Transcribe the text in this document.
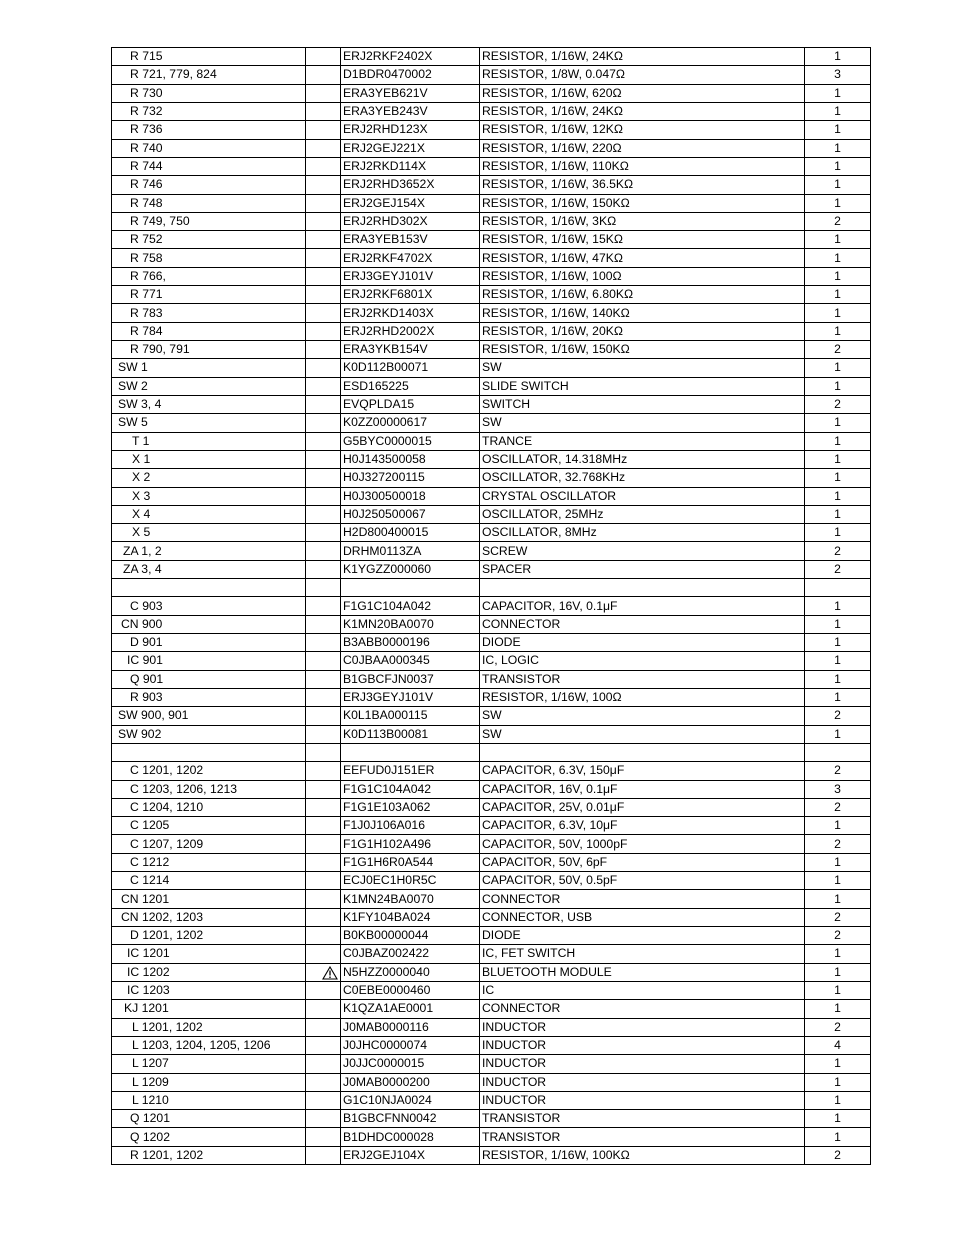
R 715		ERJ2RKF2402X	RESISTOR, 1/16W, 24KΩ	1
R 721, 779, 824		D1BDR0470002	RESISTOR, 1/8W, 0.047Ω	3
R 730		ERA3YEB621V	RESISTOR, 1/16W, 620Ω	1
R 732		ERA3YEB243V	RESISTOR, 1/16W, 24KΩ	1
R 736		ERJ2RHD123X	RESISTOR, 1/16W, 12KΩ	1
R 740		ERJ2GEJ221X	RESISTOR, 1/16W, 220Ω	1
R 744		ERJ2RKD114X	RESISTOR, 1/16W, 110KΩ	1
R 746		ERJ2RHD3652X	RESISTOR, 1/16W, 36.5KΩ	1
R 748		ERJ2GEJ154X	RESISTOR, 1/16W, 150KΩ	1
R 749, 750		ERJ2RHD302X	RESISTOR, 1/16W, 3KΩ	2
R 752		ERA3YEB153V	RESISTOR, 1/16W, 15KΩ	1
R 758		ERJ2RKF4702X	RESISTOR, 1/16W, 47KΩ	1
R 766,		ERJ3GEYJ101V	RESISTOR, 1/16W, 100Ω	1
R 771		ERJ2RKF6801X	RESISTOR, 1/16W, 6.80KΩ	1
R 783		ERJ2RKD1403X	RESISTOR, 1/16W, 140KΩ	1
R 784		ERJ2RHD2002X	RESISTOR, 1/16W, 20KΩ	1
R 790, 791		ERA3YKB154V	RESISTOR, 1/16W, 150KΩ	2
SW 1		K0D112B00071	SW	1
SW 2		ESD165225	SLIDE SWITCH	1
SW 3, 4		EVQPLDA15	SWITCH	2
SW 5		K0ZZ00000617	SW	1
T 1		G5BYC0000015	TRANCE	1
X 1		H0J143500058	OSCILLATOR, 14.318MHz	1
X 2		H0J327200115	OSCILLATOR, 32.768KHz	1
X 3		H0J300500018	CRYSTAL OSCILLATOR	1
X 4		H0J250500067	OSCILLATOR, 25MHz	1
X 5		H2D800400015	OSCILLATOR, 8MHz	1
ZA 1, 2		DRHM0113ZA	SCREW	2
ZA 3, 4		K1YGZZ000060	SPACER	2

C 903		F1G1C104A042	CAPACITOR, 16V, 0.1μF	1
CN 900		K1MN20BA0070	CONNECTOR	1
D 901		B3ABB0000196	DIODE	1
IC 901		C0JBAA000345	IC, LOGIC	1
Q 901		B1GBCFJN0037	TRANSISTOR	1
R 903		ERJ3GEYJ101V	RESISTOR, 1/16W, 100Ω	1
SW 900, 901		K0L1BA000115	SW	2
SW 902		K0D113B00081	SW	1

C 1201, 1202		EEFUD0J151ER	CAPACITOR, 6.3V, 150μF	2
C 1203, 1206, 1213		F1G1C104A042	CAPACITOR, 16V, 0.1μF	3
C 1204, 1210		F1G1E103A062	CAPACITOR, 25V, 0.01μF	2
C 1205		F1J0J106A016	CAPACITOR, 6.3V, 10μF	1
C 1207, 1209		F1G1H102A496	CAPACITOR, 50V, 1000pF	2
C 1212		F1G1H6R0A544	CAPACITOR, 50V, 6pF	1
C 1214		ECJ0EC1H0R5C	CAPACITOR, 50V, 0.5pF	1
CN 1201		K1MN24BA0070	CONNECTOR	1
CN 1202, 1203		K1FY104BA024	CONNECTOR, USB	2
D 1201, 1202		B0KB00000044	DIODE	2
IC 1201		C0JBAZ002422	IC, FET SWITCH	1
IC 1202		N5HZZ0000040	BLUETOOTH MODULE	1
IC 1203		C0EBE0000460	IC	1
KJ 1201		K1QZA1AE0001	CONNECTOR	1
L 1201, 1202		J0MAB0000116	INDUCTOR	2
L 1203, 1204, 1205, 1206		J0JHC0000074	INDUCTOR	4
L 1207		J0JJC0000015	INDUCTOR	1
L 1209		J0MAB0000200	INDUCTOR	1
L 1210		G1C10NJA0024	INDUCTOR	1
Q 1201		B1GBCFNN0042	TRANSISTOR	1
Q 1202		B1DHDC000028	TRANSISTOR	1
R 1201, 1202		ERJ2GEJ104X	RESISTOR, 1/16W, 100KΩ	2
